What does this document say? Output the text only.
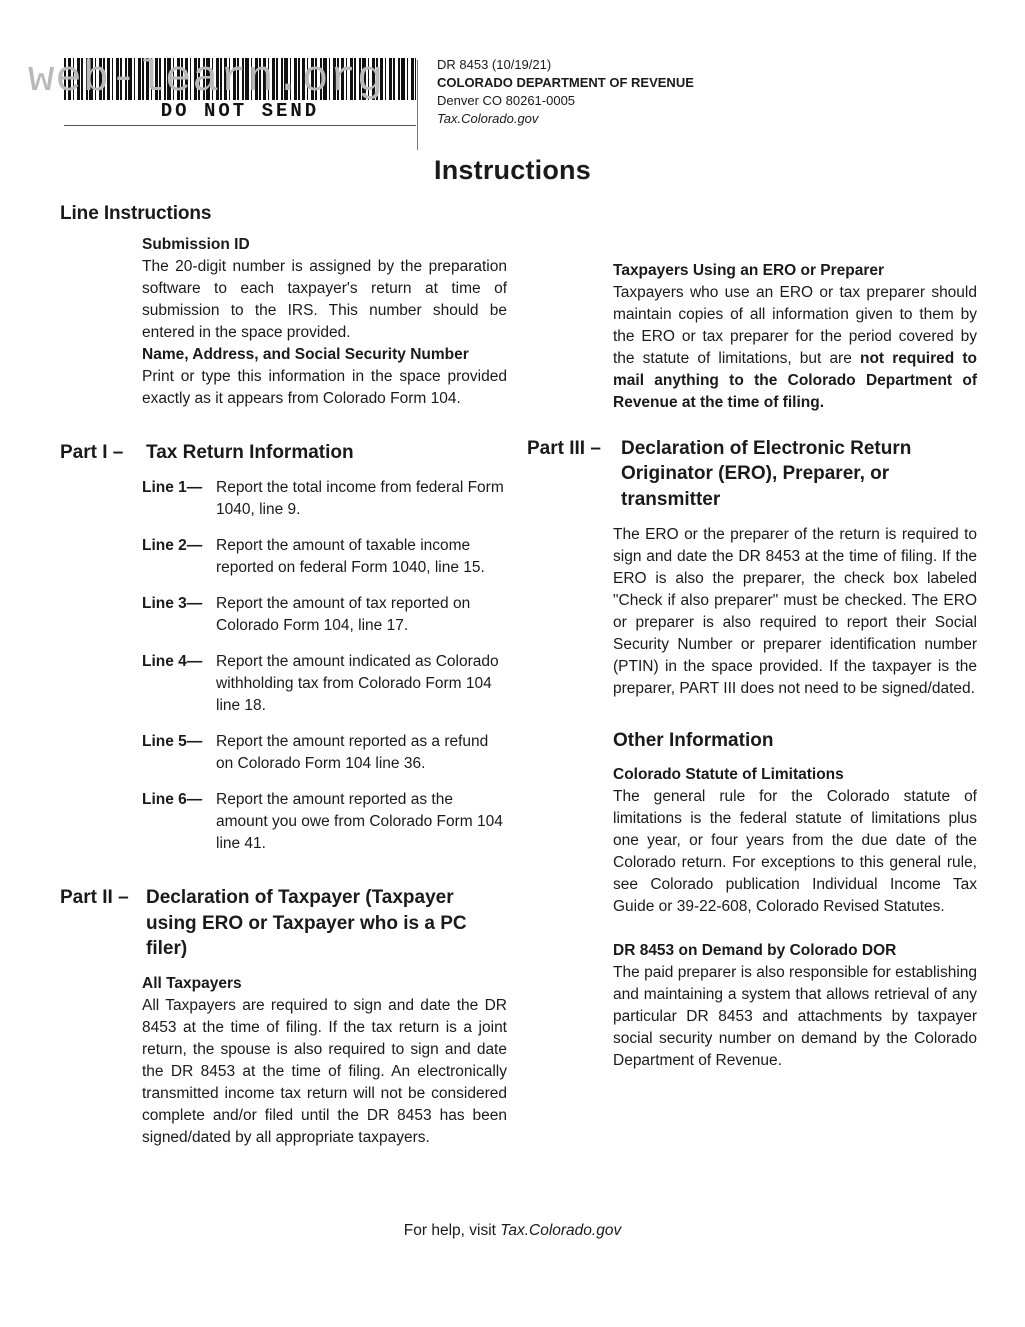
DO NOT SEND
web-learn.org	DR 8453 (10/19/21)
COLORADO DEPARTMENT OF REVENUE
Denver CO 80261-0005
Tax.Colorado.gov
Instructions
Line Instructions
Submission ID

The 20-digit number is assigned by the preparation software to each taxpayer's return at time of submission to the IRS. This number should be entered in the space provided.

Name, Address, and Social Security Number

Print or type this information in the space provided exactly as it appears from Colorado Form 104.

Part I –	Tax Return Information
Line 1— Report the total income from federal Form 1040, line 9.
Line 2— Report the amount of taxable income reported on federal Form 1040, line 15.
Line 3— Report the amount of tax reported on Colorado Form 104, line 17.
Line 4— Report the amount indicated as Colorado withholding tax from Colorado Form 104 line 18.
Line 5— Report the amount reported as a refund on Colorado Form 104 line 36.
Line 6— Report the amount reported as the amount you owe from Colorado Form 104 line 41.
Part II – Declaration of Taxpayer (Taxpayer using ERO or Taxpayer who is a PC filer)
All Taxpayers

All Taxpayers are required to sign and date the DR 8453 at the time of filing. If the tax return is a joint return, the spouse is also required to sign and date the DR 8453 at the time of filing. An electronically transmitted income tax return will not be considered complete and/or filed until the DR 8453 has been signed/dated by all appropriate taxpayers.

Taxpayers Using an ERO or Preparer

Taxpayers who use an ERO or tax preparer should maintain copies of all information given to them by the ERO or tax preparer for the period covered by the statute of limitations, but are not required to mail anything to the Colorado Department of Revenue at the time of filing.

Part III –	Declaration of Electronic Return Originator (ERO), Preparer, or transmitter

The ERO or the preparer of the return is required to sign and date the DR 8453 at the time of filing. If the ERO is also the preparer, the check box labeled "Check if also preparer" must be checked. The ERO or preparer is also required to report their Social Security Number or preparer identification number (PTIN) in the space provided. If the taxpayer is the preparer, PART III does not need to be signed/dated.

Other Information
Colorado Statute of Limitations

The general rule for the Colorado statute of limitations is the federal statute of limitations plus one year, or four years from the due date of the Colorado return. For exceptions to this general rule, see Colorado publication Individual Income Tax Guide or 39-22-608, Colorado Revised Statutes.

DR 8453 on Demand by Colorado DOR

The paid preparer is also responsible for establishing and maintaining a system that allows retrieval of any particular DR 8453 and attachments by taxpayer social security number on demand by the Colorado Department of Revenue.

For help, visit Tax.Colorado.gov
